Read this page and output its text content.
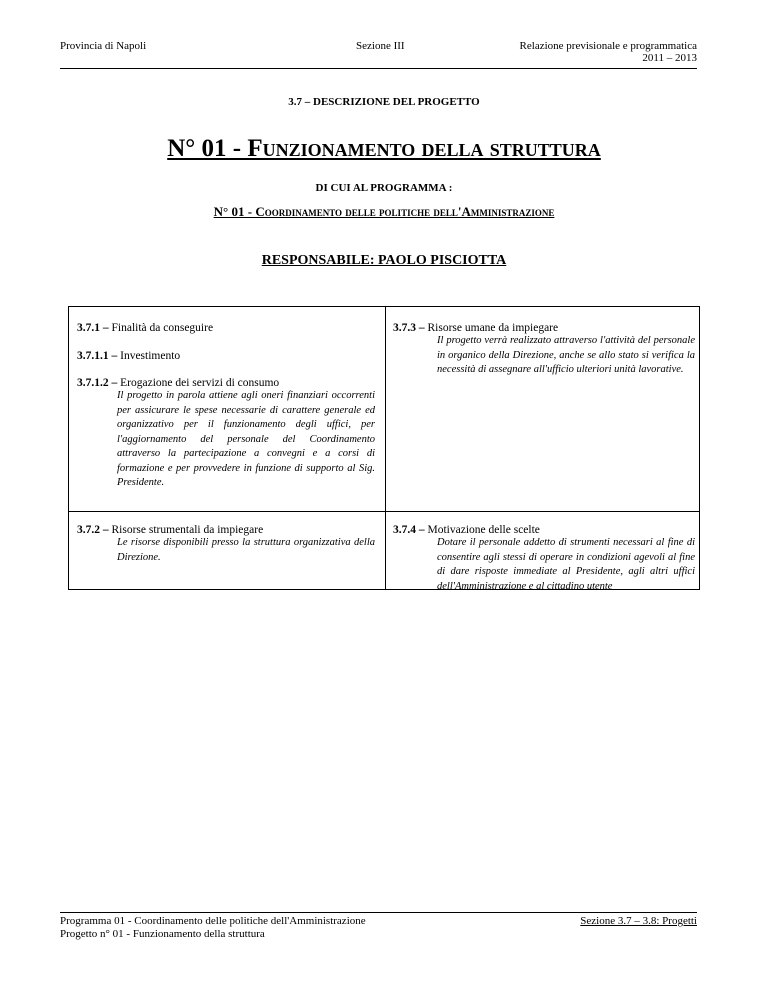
Provincia di Napoli	Sezione III	Relazione previsionale e programmatica
2011 – 2013
3.7 – DESCRIZIONE DEL PROGETTO
N° 01 - Funzionamento della struttura
DI CUI AL PROGRAMMA :
N° 01 - Coordinamento delle politiche dell'Amministrazione
RESPONSABILE: PAOLO PISCIOTTA
3.7.1 – Finalità da conseguire
3.7.1.1 – Investimento
3.7.1.2 – Erogazione dei servizi di consumo
Il progetto in parola attiene agli oneri finanziari occorrenti per assicurare le spese necessarie di carattere generale ed organizzativo per il funzionamento degli uffici, per l'aggiornamento del personale del Coordinamento attraverso la partecipazione a convegni e a corsi di formazione e per provvedere in funzione di supporto al Sig. Presidente.
3.7.3 – Risorse umane da impiegare
Il progetto verrà realizzato attraverso l'attività del personale in organico della Direzione, anche se allo stato si verifica la necessità di assegnare all'ufficio ulteriori unità lavorative.
3.7.2 – Risorse strumentali da impiegare
Le risorse disponibili presso la struttura organizzativa della Direzione.
3.7.4 – Motivazione delle scelte
Dotare il personale addetto di strumenti necessari al fine di consentire agli stessi di operare in condizioni agevoli al fine di dare risposte immediate al Presidente, agli altri uffici dell'Amministrazione e al cittadino utente
Programma 01 - Coordinamento delle politiche dell'Amministrazione
Progetto n° 01 - Funzionamento della struttura
Sezione 3.7 – 3.8: Progetti
